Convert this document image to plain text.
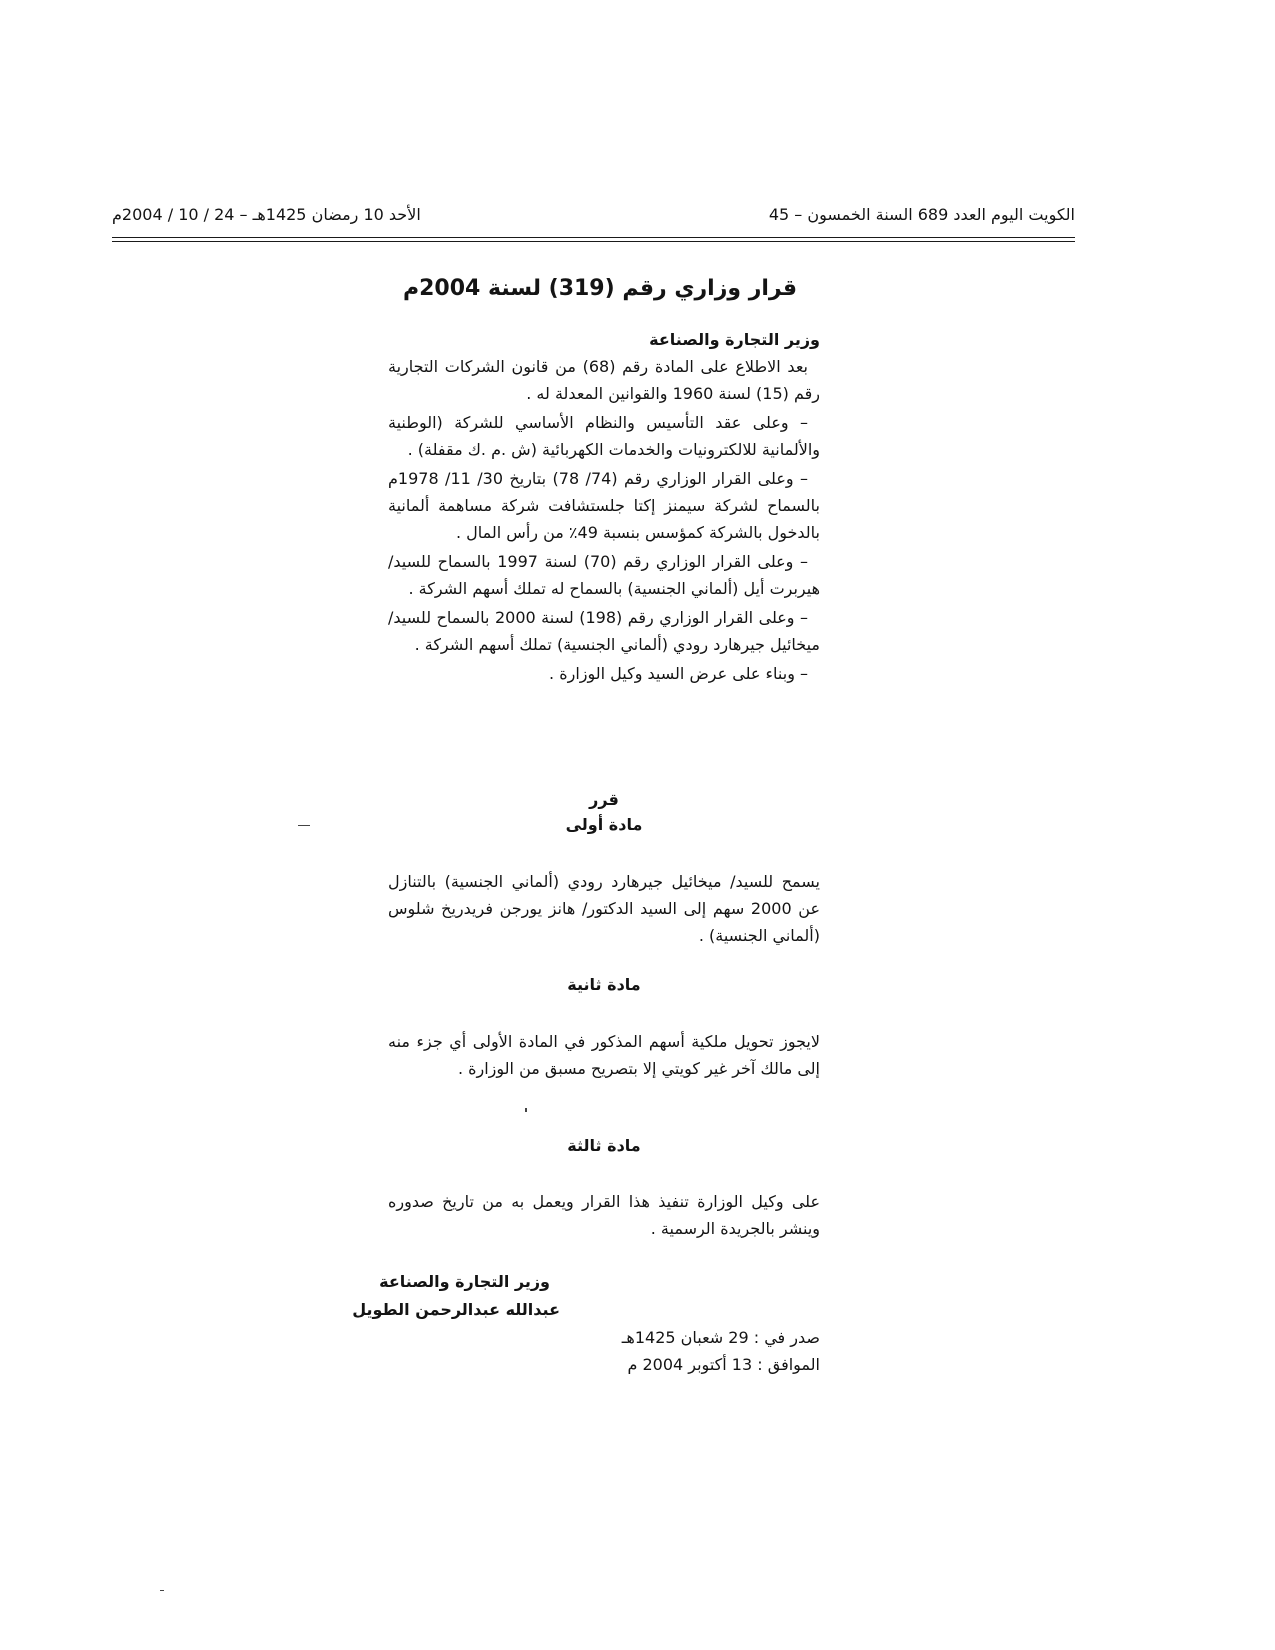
الكويت اليوم العدد 689 السنة الخمسون – 45
الأحد 10 رمضان 1425هـ – 24 / 10 / 2004م
قرار وزاري رقم (319) لسنة 2004م
وزير التجارة والصناعة

بعد الاطلاع على المادة رقم (68) من قانون الشركات التجارية رقم (15) لسنة 1960 والقوانين المعدلة له .

– وعلى عقد التأسيس والنظام الأساسي للشركة (الوطنية والألمانية للالكترونيات والخدمات الكهربائية (ش .م .ك مقفلة) .

– وعلى القرار الوزاري رقم (74/ 78) بتاريخ 30/ 11/ 1978م بالسماح لشركة سيمنز إكتا جلستشافت شركة مساهمة ألمانية بالدخول بالشركة كمؤسس بنسبة 49٪ من رأس المال .

– وعلى القرار الوزاري رقم (70) لسنة 1997 بالسماح للسيد/ هيربرت أيل (ألماني الجنسية) بالسماح له تملك أسهم الشركة .

– وعلى القرار الوزاري رقم (198) لسنة 2000 بالسماح للسيد/ ميخائيل جيرهارد رودي (ألماني الجنسية) تملك أسهم الشركة .

– وبناء على عرض السيد وكيل الوزارة .

قرر
مادة أولى

يسمح للسيد/ ميخائيل جيرهارد رودي (ألماني الجنسية) بالتنازل عن 2000 سهم إلى السيد الدكتور/ هانز يورجن فريدريخ شلوس (ألماني الجنسية) .

مادة ثانية

لايجوز تحويل ملكية أسهم المذكور في المادة الأولى أي جزء منه إلى مالك آخر غير كويتي إلا بتصريح مسبق من الوزارة .

مادة ثالثة

على وكيل الوزارة تنفيذ هذا القرار ويعمل به من تاريخ صدوره وينشر بالجريدة الرسمية .

وزير التجارة والصناعة
عبدالله عبدالرحمن الطويل
صدر في : 29 شعبان 1425هـ
الموافق : 13 أكتوبر 2004 م
